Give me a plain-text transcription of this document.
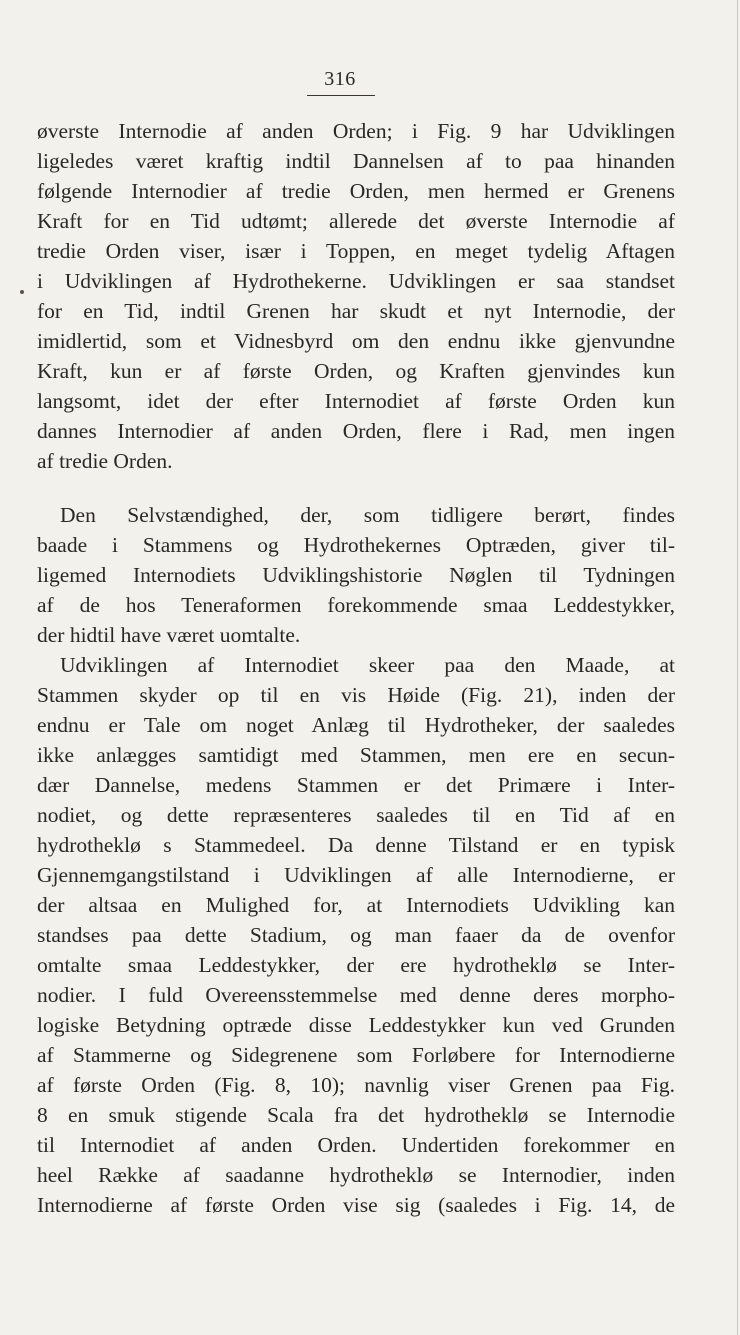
316
øverste Internodie af anden Orden; i Fig. 9 har Udviklingen
ligeledes været kraftig indtil Dannelsen af to paa hinanden
følgende Internodier af tredie Orden, men hermed er Grenens
Kraft for en Tid udtømt; allerede det øverste Internodie af
tredie Orden viser, især i Toppen, en meget tydelig Aftagen
i Udviklingen af Hydrothekerne. Udviklingen er saa standset
for en Tid, indtil Grenen har skudt et nyt Internodie, der
imidlertid, som et Vidnesbyrd om den endnu ikke gjenvundne
Kraft, kun er af første Orden, og Kraften gjenvindes kun
langsomt, idet der efter Internodiet af første Orden kun
dannes Internodier af anden Orden, flere i Rad, men ingen
af tredie Orden.
Den Selvstændighed, der, som tidligere berørt, findes
baade i Stammens og Hydrothekernes Optræden, giver til-
ligemed Internodiets Udviklingshistorie Nøglen til Tydningen
af de hos Teneraformen forekommende smaa Leddestykker,
der hidtil have været uomtalte.
Udviklingen af Internodiet skeer paa den Maade, at
Stammen skyder op til en vis Høide (Fig. 21), inden der
endnu er Tale om noget Anlæg til Hydrotheker, der saaledes
ikke anlægges samtidigt med Stammen, men ere en secun-
dær Dannelse, medens Stammen er det Primære i Inter-
nodiet, og dette repræsenteres saaledes til en Tid af en
hydrotheklø s Stammedeel. Da denne Tilstand er en typisk
Gjennemgangstilstand i Udviklingen af alle Internodierne, er
der altsaa en Mulighed for, at Internodiets Udvikling kan
standses paa dette Stadium, og man faaer da de ovenfor
omtalte smaa Leddestykker, der ere hydrotheklø se Inter-
nodier. I fuld Overeensstemmelse med denne deres morpho-
logiske Betydning optræde disse Leddestykker kun ved Grunden
af Stammerne og Sidegrenene som Forløbere for Internodierne
af første Orden (Fig. 8, 10); navnlig viser Grenen paa Fig.
8 en smuk stigende Scala fra det hydrotheklø se Internodie
til Internodiet af anden Orden. Undertiden forekommer en
heel Række af saadanne hydrotheklø se Internodier, inden
Internodierne af første Orden vise sig (saaledes i Fig. 14, de
